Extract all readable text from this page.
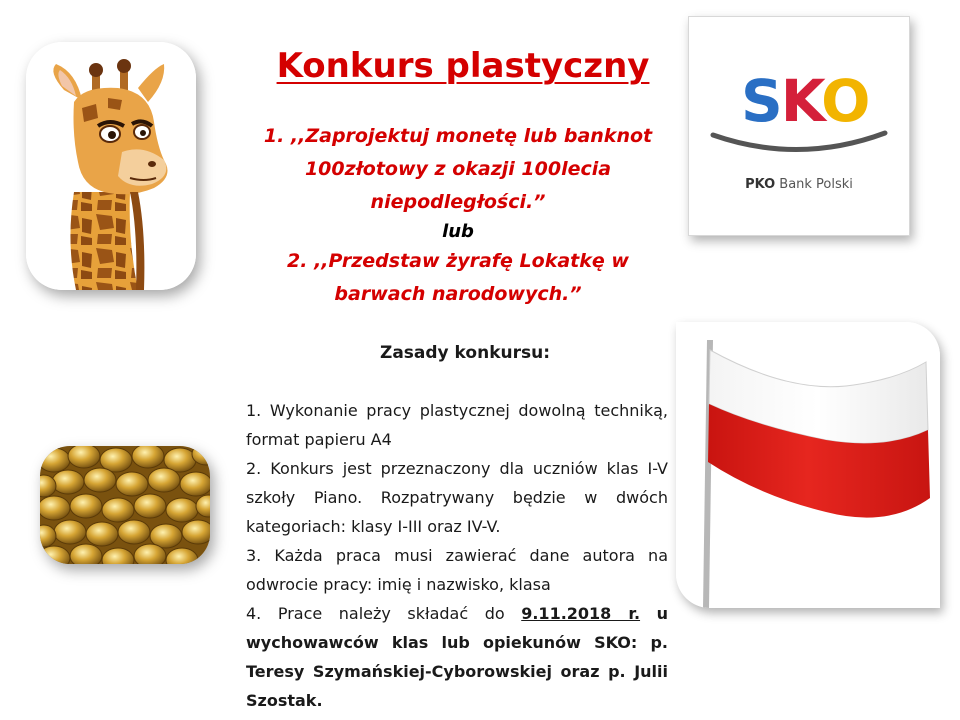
Konkurs plastyczny
1. ,,Zaprojektuj monetę lub banknot
100złotowy z okazji 100lecia
niepodległości.”
lub
2. ,,Przedstaw żyrafę Lokatkę w
barwach narodowych.”
Zasady konkursu:

1. Wykonanie pracy plastycznej dowolną techniką, format papieru A4

2. Konkurs jest przeznaczony dla uczniów klas I-V szkoły Piano. Rozpatrywany będzie w dwóch kategoriach: klasy I-III oraz IV-V.

3. Każda praca musi zawierać dane autora na odwrocie pracy: imię i nazwisko, klasa

4. Prace należy składać do 9.11.2018 r. u wychowawców klas lub opiekunów SKO: p. Teresy Szymańskiej-Cyborowskiej oraz p. Julii Szostak.

SKO
PKO Bank Polski
